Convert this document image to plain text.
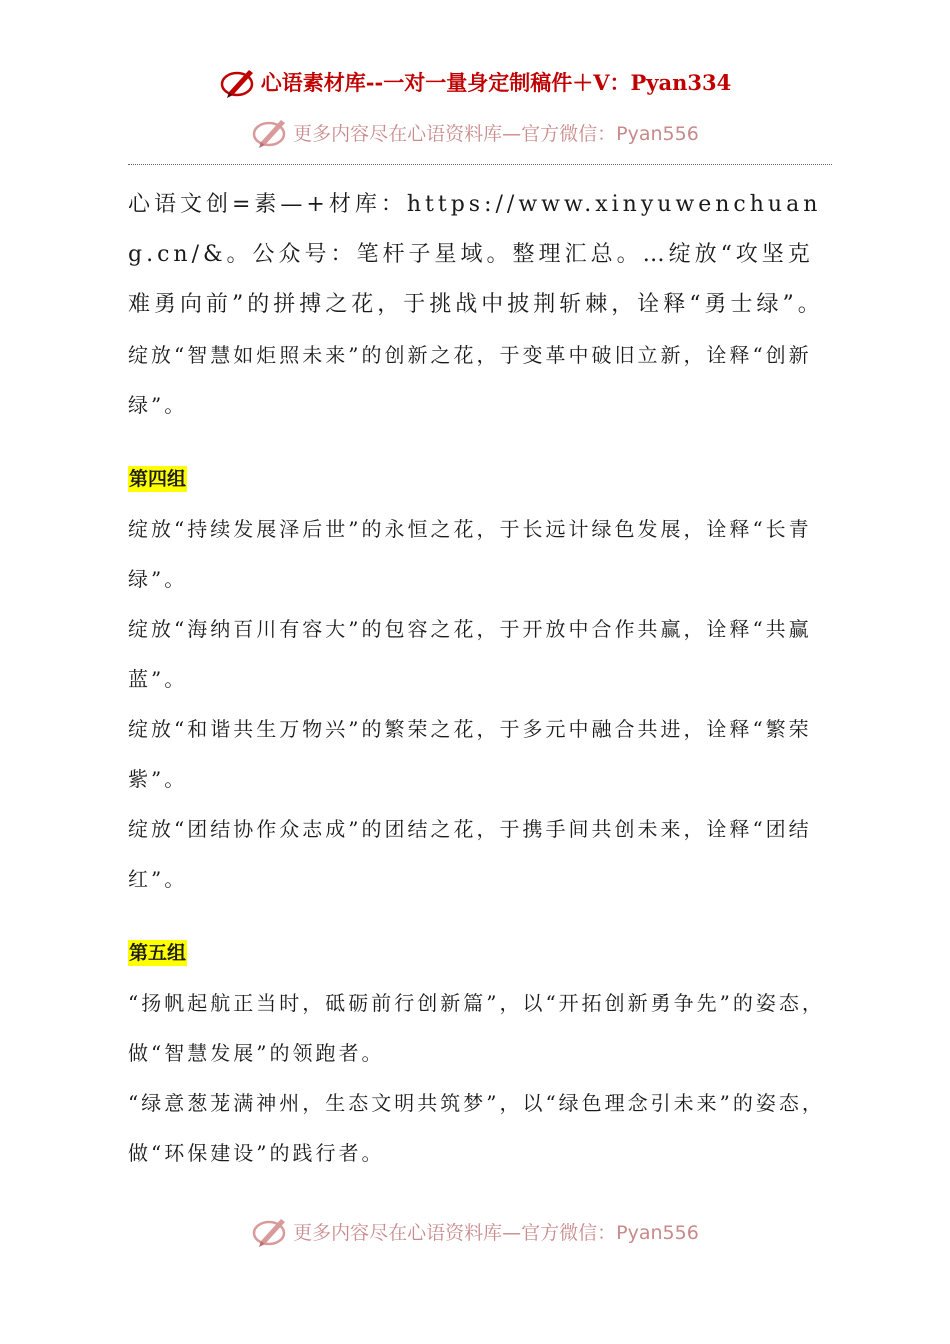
心语素材库--一对一量身定制稿件＋V：Pyan334
更多内容尽在心语资料库—官方微信：Pyan556

心语文创=素—+材库：https://www.xinyuwenchuang.cn/&。公众号：笔杆子星域。整理汇总。…绽放“攻坚克难勇向前”的拼搏之花，于挑战中披荆斩棘，诠释“勇士绿”。

绽放“智慧如炬照未来”的创新之花，于变革中破旧立新，诠释“创新绿”。

第四组

绽放“持续发展泽后世”的永恒之花，于长远计绿色发展，诠释“长青绿”。

绽放“海纳百川有容大”的包容之花，于开放中合作共赢，诠释“共赢蓝”。

绽放“和谐共生万物兴”的繁荣之花，于多元中融合共进，诠释“繁荣紫”。

绽放“团结协作众志成”的团结之花，于携手间共创未来，诠释“团结红”。

第五组

“扬帆起航正当时，砥砺前行创新篇”，以“开拓创新勇争先”的姿态，做“智慧发展”的领跑者。

“绿意葱茏满神州，生态文明共筑梦”，以“绿色理念引未来”的姿态，做“环保建设”的践行者。

更多内容尽在心语资料库—官方微信：Pyan556
